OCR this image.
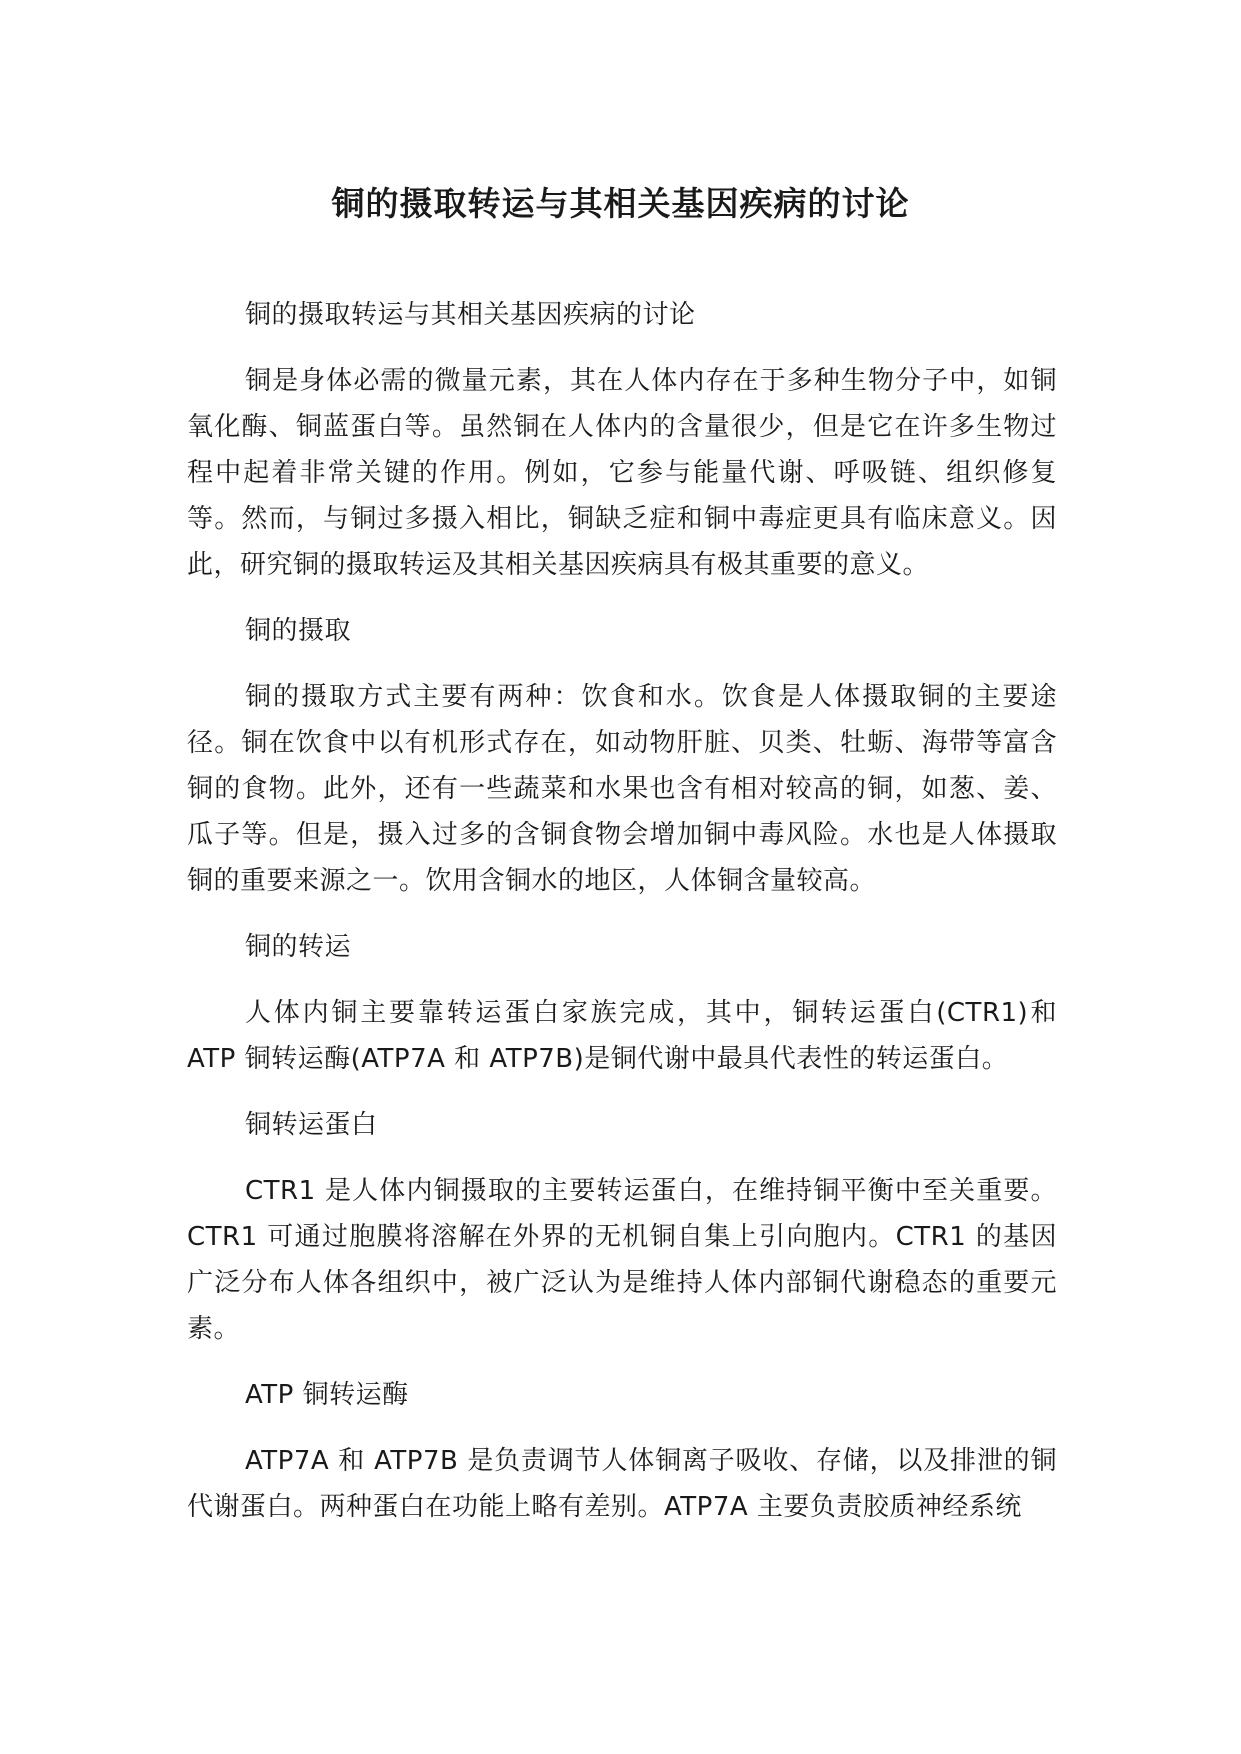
铜的摄取转运与其相关基因疾病的讨论

铜的摄取转运与其相关基因疾病的讨论

铜是身体必需的微量元素，其在人体内存在于多种生物分子中，如铜氧化酶、铜蓝蛋白等。虽然铜在人体内的含量很少，但是它在许多生物过程中起着非常关键的作用。例如，它参与能量代谢、呼吸链、组织修复等。然而，与铜过多摄入相比，铜缺乏症和铜中毒症更具有临床意义。因此，研究铜的摄取转运及其相关基因疾病具有极其重要的意义。

铜的摄取

铜的摄取方式主要有两种：饮食和水。饮食是人体摄取铜的主要途径。铜在饮食中以有机形式存在，如动物肝脏、贝类、牡蛎、海带等富含铜的食物。此外，还有一些蔬菜和水果也含有相对较高的铜，如葱、姜、瓜子等。但是，摄入过多的含铜食物会增加铜中毒风险。水也是人体摄取铜的重要来源之一。饮用含铜水的地区，人体铜含量较高。

铜的转运

人体内铜主要靠转运蛋白家族完成，其中，铜转运蛋白(CTR1)和 ATP 铜转运酶(ATP7A 和 ATP7B)是铜代谢中最具代表性的转运蛋白。

铜转运蛋白

CTR1 是人体内铜摄取的主要转运蛋白，在维持铜平衡中至关重要。CTR1 可通过胞膜将溶解在外界的无机铜自集上引向胞内。CTR1 的基因广泛分布人体各组织中，被广泛认为是维持人体内部铜代谢稳态的重要元素。

ATP 铜转运酶

ATP7A 和 ATP7B 是负责调节人体铜离子吸收、存储，以及排泄的铜代谢蛋白。两种蛋白在功能上略有差别。ATP7A 主要负责胶质神经系统
